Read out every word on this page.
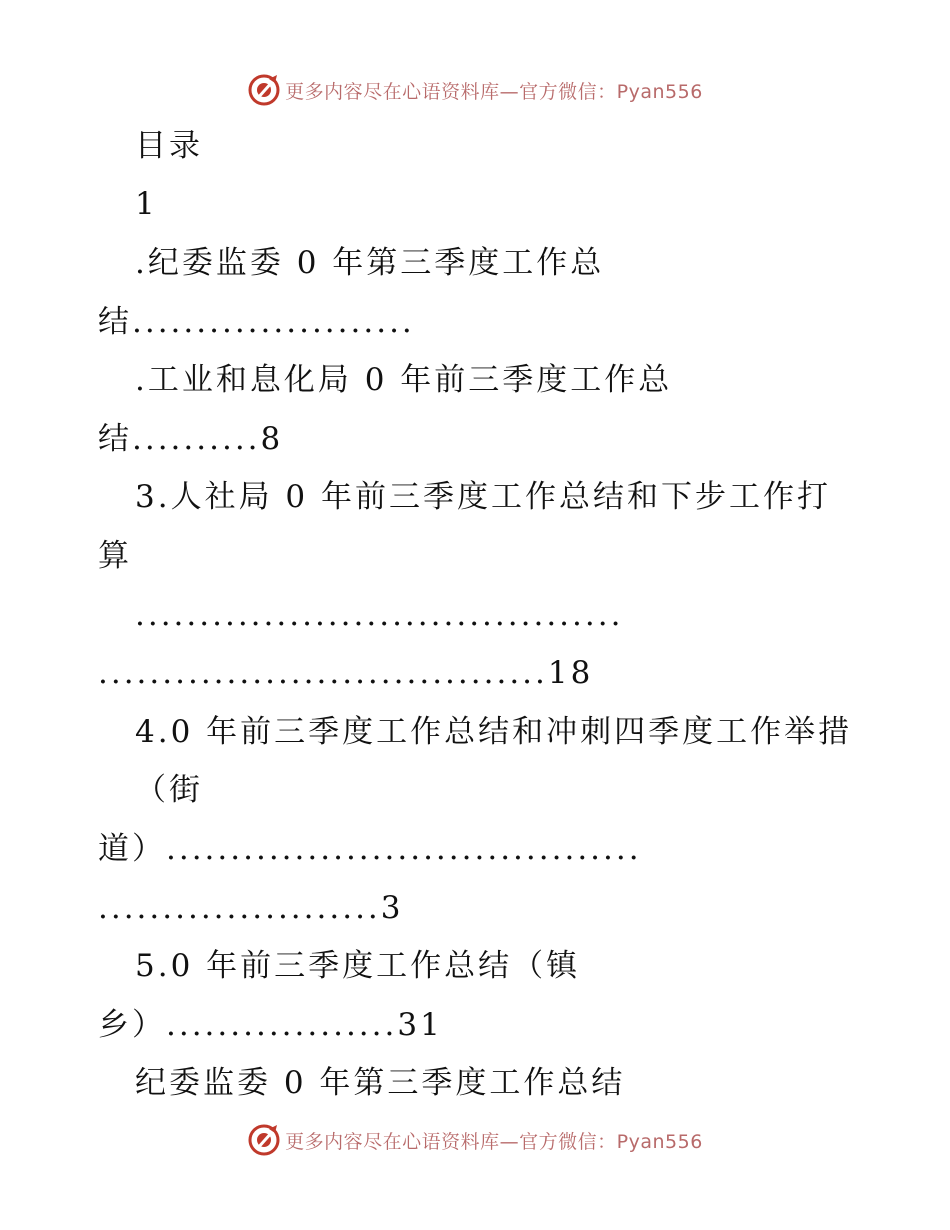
更多内容尽在心语资料库—官方微信：Pyan556
目录
1
.纪委监委 0 年第三季度工作总
结......................
.工业和息化局 0 年前三季度工作总
结..........8
3.人社局 0 年前三季度工作总结和下步工作打
算
......................................
...................................18
4.0 年前三季度工作总结和冲刺四季度工作举措
（街
道）.....................................
......................3
5.0 年前三季度工作总结（镇
乡）..................31
纪委监委 0 年第三季度工作总结
更多内容尽在心语资料库—官方微信：Pyan556
